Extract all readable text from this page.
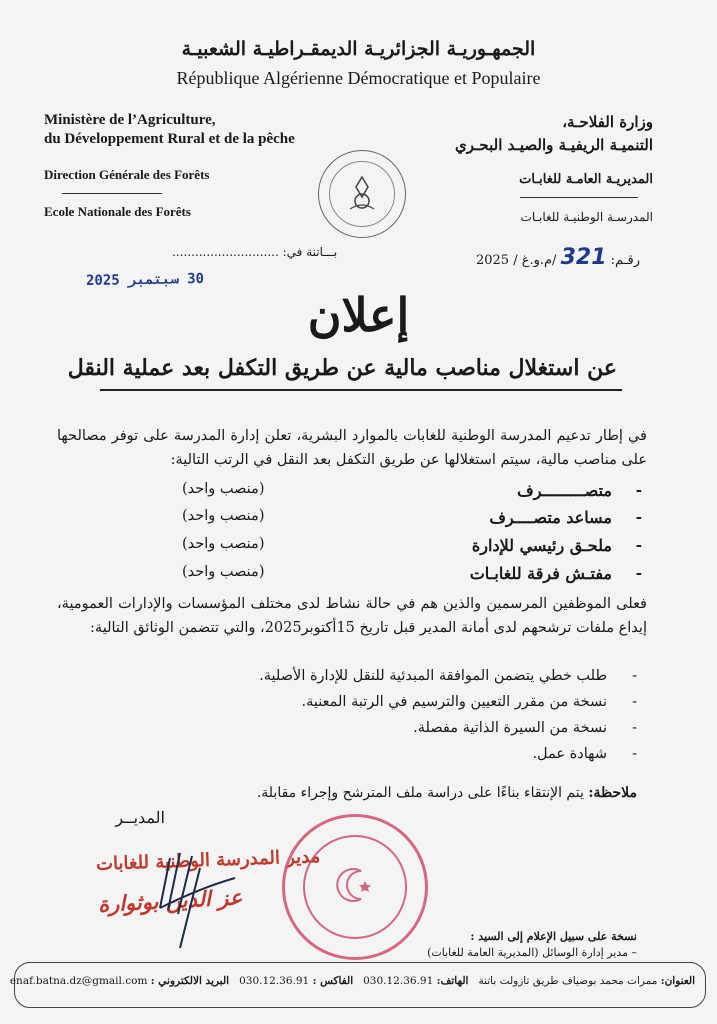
الجمهـوريـة الجزائريـة الديمقـراطيـة الشعبيـة
République Algérienne Démocratique et Populaire
Ministère de l’Agriculture,
du Développement Rural et de la pêche
Direction Générale des Forêts
Ecole Nationale des Forêts
وزارة الفلاحـة،
التنميـة الريفيـة والصيـد البحـري
المديريـة العامـة للغابـات
المدرسـة الوطنيـة للغابـات
بـــاتنة في: ............................
30 سبتمبر 2025
رقـم: 321 /م.و.غ / 2025
إعلان
عن استغلال مناصب مالية عن طريق التكفل بعد عملية النقل
في إطار تدعيم المدرسة الوطنية للغابات بالموارد البشرية، تعلن إدارة المدرسة على توفر مصالحها على مناصب مالية، سيتم استغلالها عن طريق التكفل بعد النقل في الرتب التالية:
-
متصـــــــــرف
(منصب واحد)
-
مساعد متصــــرف
(منصب واحد)
-
ملحـق رئيسي للإدارة
(منصب واحد)
-
مفتـش فرقة للغابـات
(منصب واحد)
فعلى الموظفين المرسمين والذين هم في حالة نشاط لدى مختلف المؤسسات والإدارات العمومية، إيداع ملفات ترشحهم لدى أمانة المدير قبل تاريخ 15أكتوبر2025، والتي تتضمن الوثائق التالية:
-
طلب خطي يتضمن الموافقة المبدئية للنقل للإدارة الأصلية.
-
نسخة من مقرر التعيين والترسيم في الرتبة المعنية.
-
نسخة من السيرة الذاتية مفصلة.
-
شهادة عمل.
ملاحظة: يتم الإنتقاء بناءًا على دراسة ملف المترشح وإجراء مقابلة.
المديــر
مدير المدرسة الوطنية للغابات
عز الدين بوثوارة
نسخة على سبيل الإعلام إلى السيد :
– مدير إدارة الوسائل (المديرية العامة للغابات)
العنوان: ممرات محمد بوضياف طريق تازولت باتنة   الهاتف: 030.12.36.91   الفاكس : 030.12.36.91   البريد الالكتروني : enaf.batna.dz@gmail.com
